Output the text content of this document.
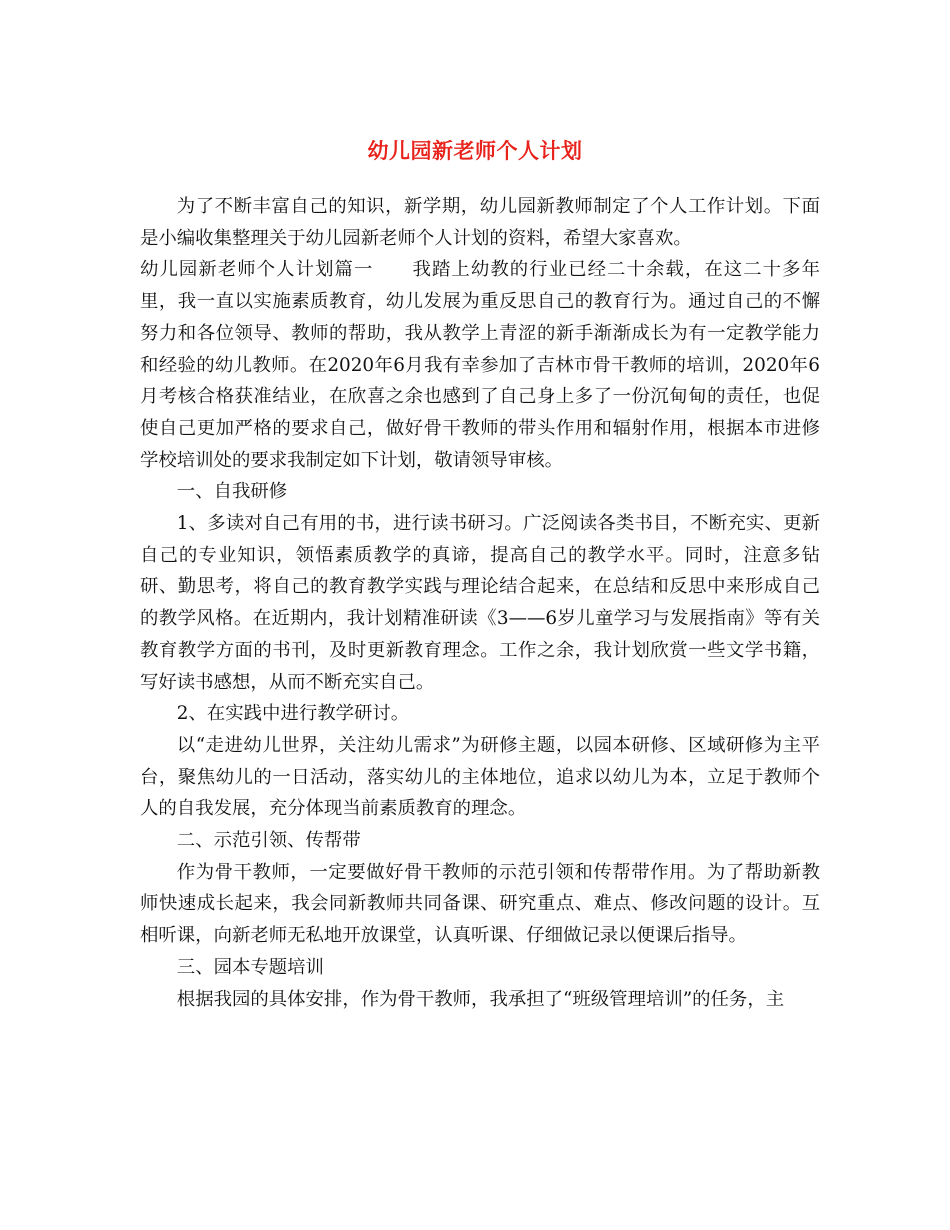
幼儿园新老师个人计划

为了不断丰富自己的知识，新学期，幼儿园新教师制定了个人工作计划。下面是小编收集整理关于幼儿园新老师个人计划的资料，希望大家喜欢。

幼儿园新老师个人计划篇一 我踏上幼教的行业已经二十余载，在这二十多年里，我一直以实施素质教育，幼儿发展为重反思自己的教育行为。通过自己的不懈努力和各位领导、教师的帮助，我从教学上青涩的新手渐渐成长为有一定教学能力和经验的幼儿教师。在2020年6月我有幸参加了吉林市骨干教师的培训，2020年6月考核合格获准结业，在欣喜之余也感到了自己身上多了一份沉甸甸的责任，也促使自己更加严格的要求自己，做好骨干教师的带头作用和辐射作用，根据本市进修学校培训处的要求我制定如下计划，敬请领导审核。

一、自我研修

1、多读对自己有用的书，进行读书研习。广泛阅读各类书目，不断充实、更新自己的专业知识，领悟素质教学的真谛，提高自己的教学水平。同时，注意多钻研、勤思考，将自己的教育教学实践与理论结合起来，在总结和反思中来形成自己的教学风格。在近期内，我计划精准研读《3——6岁儿童学习与发展指南》等有关教育教学方面的书刊，及时更新教育理念。工作之余，我计划欣赏一些文学书籍，写好读书感想，从而不断充实自己。

2、在实践中进行教学研讨。

以“走进幼儿世界，关注幼儿需求”为研修主题，以园本研修、区域研修为主平台，聚焦幼儿的一日活动，落实幼儿的主体地位，追求以幼儿为本，立足于教师个人的自我发展，充分体现当前素质教育的理念。

二、示范引领、传帮带

作为骨干教师，一定要做好骨干教师的示范引领和传帮带作用。为了帮助新教师快速成长起来，我会同新教师共同备课、研究重点、难点、修改问题的设计。互相听课，向新老师无私地开放课堂，认真听课、仔细做记录以便课后指导。

三、园本专题培训

根据我园的具体安排，作为骨干教师，我承担了“班级管理培训”的任务，主
